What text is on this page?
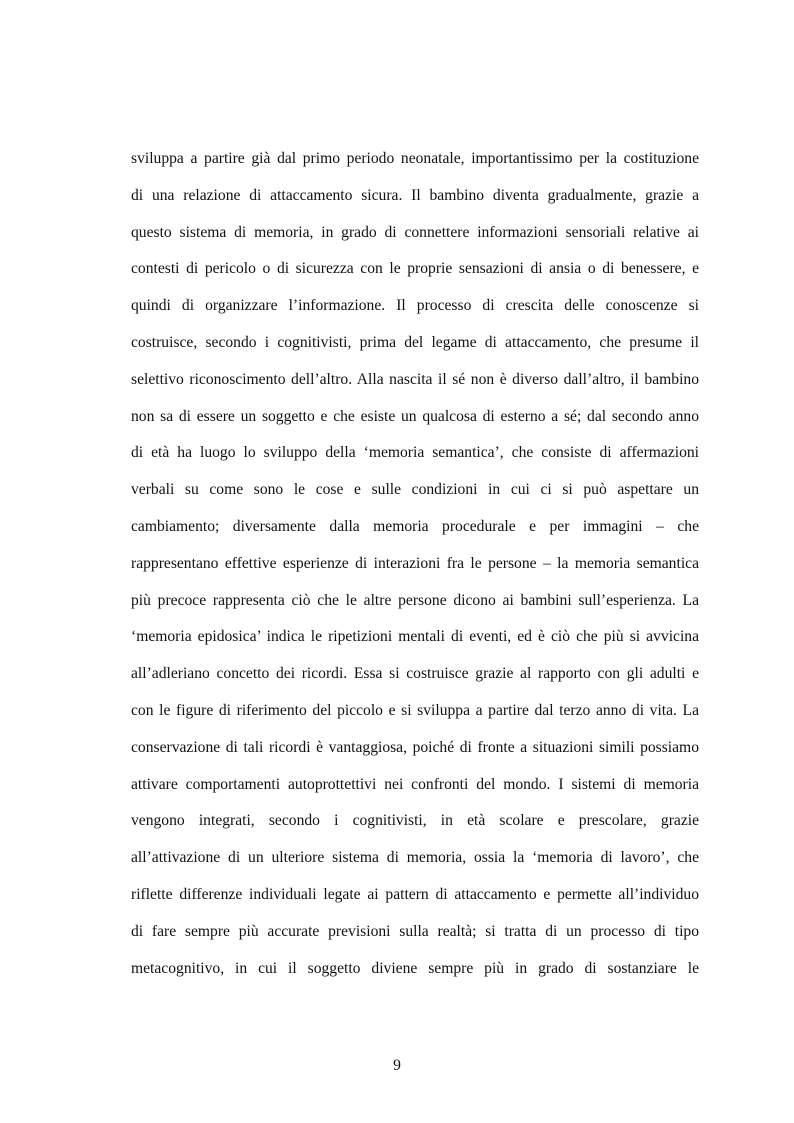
sviluppa a partire già dal primo periodo neonatale, importantissimo per la costituzione
di una relazione di attaccamento sicura. Il bambino diventa gradualmente, grazie a
questo sistema di memoria, in grado di connettere informazioni sensoriali relative ai
contesti di pericolo o di sicurezza con le proprie sensazioni di ansia o di benessere, e
quindi di organizzare l’informazione. Il processo di crescita delle conoscenze si
costruisce, secondo i cognitivisti, prima del legame di attaccamento, che presume il
selettivo riconoscimento dell’altro. Alla nascita il sé non è diverso dall’altro, il bambino
non sa di essere un soggetto e che esiste un qualcosa di esterno a sé; dal secondo anno
di età ha luogo lo sviluppo della ‘memoria semantica’, che consiste di affermazioni
verbali su come sono le cose e sulle condizioni in cui ci si può aspettare un
cambiamento; diversamente dalla memoria procedurale e per immagini – che
rappresentano effettive esperienze di interazioni fra le persone – la memoria semantica
più precoce rappresenta ciò che le altre persone dicono ai bambini sull’esperienza. La
‘memoria epidosica’ indica le ripetizioni mentali di eventi, ed è ciò che più si avvicina
all’adleriano concetto dei ricordi. Essa si costruisce grazie al rapporto con gli adulti e
con le figure di riferimento del piccolo e si sviluppa a partire dal terzo anno di vita. La
conservazione di tali ricordi è vantaggiosa, poiché di fronte a situazioni simili possiamo
attivare comportamenti autoprottettivi nei confronti del mondo. I sistemi di memoria
vengono integrati, secondo i cognitivisti, in età scolare e prescolare, grazie
all’attivazione di un ulteriore sistema di memoria, ossia la ‘memoria di lavoro’, che
riflette differenze individuali legate ai pattern di attaccamento e permette all’individuo
di fare sempre più accurate previsioni sulla realtà; si tratta di un processo di tipo
metacognitivo, in cui il soggetto diviene sempre più in grado di sostanziare le
9
